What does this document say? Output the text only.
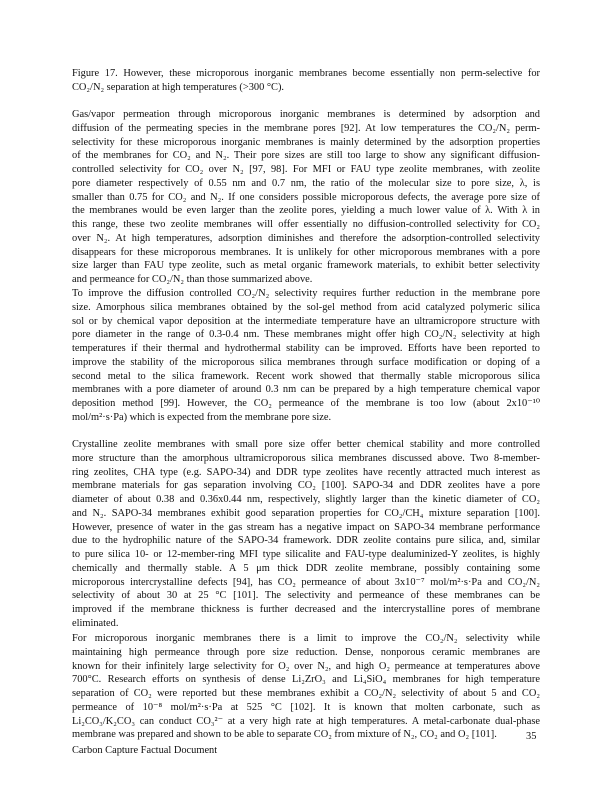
Figure 17. However, these microporous inorganic membranes become essentially non perm-selective for
CO₂/N₂ separation at high temperatures (>300 °C).
Gas/vapor permeation through microporous inorganic membranes is determined by adsorption and
diffusion of the permeating species in the membrane pores [92]. At low temperatures the CO₂/N₂ perm-
selectivity for these microporous inorganic membranes is mainly determined by the adsorption properties
of the membranes for CO₂ and N₂. Their pore sizes are still too large to show any significant diffusion-
controlled selectivity for CO₂ over N₂ [97, 98]. For MFI or FAU type zeolite membranes, with zeolite
pore diameter respectively of 0.55 nm and 0.7 nm, the ratio of the molecular size to pore size, λ, is
smaller than 0.75 for CO₂ and N₂. If one considers possible microporous defects, the average pore size of
the membranes would be even larger than the zeolite pores, yielding a much lower value of λ. With λ in
this range, these two zeolite membranes will offer essentially no diffusion-controlled selectivity for CO₂
over N₂. At high temperatures, adsorption diminishes and therefore the adsorption-controlled selectivity
disappears for these microporous membranes. It is unlikely for other microporous membranes with a pore
size larger than FAU type zeolite, such as metal organic framework materials, to exhibit better selectivity
and permeance for CO₂/N₂ than those summarized above.
To improve the diffusion controlled CO₂/N₂ selectivity requires further reduction in the membrane pore
size. Amorphous silica membranes obtained by the sol-gel method from acid catalyzed polymeric silica
sol or by chemical vapor deposition at the intermediate temperature have an ultramicropore structure with
pore diameter in the range of 0.3-0.4 nm. These membranes might offer high CO₂/N₂ selectivity at high
temperatures if their thermal and hydrothermal stability can be improved. Efforts have been reported to
improve the stability of the microporous silica membranes through surface modification or doping of a
second metal to the silica framework. Recent work showed that thermally stable microporous silica
membranes with a pore diameter of around 0.3 nm can be prepared by a high temperature chemical vapor
deposition method [99]. However, the CO₂ permeance of the membrane is too low (about 2x10⁻¹⁰
mol/m²·s·Pa) which is expected from the membrane pore size.
Crystalline zeolite membranes with small pore size offer better chemical stability and more controlled
more structure than the amorphous ultramicroporous silica membranes discussed above. Two 8-member-
ring zeolites, CHA type (e.g. SAPO-34) and DDR type zeolites have recently attracted much interest as
membrane materials for gas separation involving CO₂ [100]. SAPO-34 and DDR zeolites have a pore
diameter of about 0.38 and 0.36x0.44 nm, respectively, slightly larger than the kinetic diameter of CO₂
and N₂. SAPO-34 membranes exhibit good separation properties for CO₂/CH₄ mixture separation [100].
However, presence of water in the gas stream has a negative impact on SAPO-34 membrane performance
due to the hydrophilic nature of the SAPO-34 framework. DDR zeolite contains pure silica, and, similar
to pure silica 10- or 12-member-ring MFI type silicalite and FAU-type dealuminized-Y zeolites, is highly
chemically and thermally stable. A 5 μm thick DDR zeolite membrane, possibly containing some
microporous intercrystalline defects [94], has CO₂ permeance of about 3x10⁻⁷ mol/m²·s·Pa and CO₂/N₂
selectivity of about 30 at 25 °C [101]. The selectivity and permeance of these membranes can be
improved if the membrane thickness is further decreased and the intercrystalline pores of membrane
eliminated.
For microporous inorganic membranes there is a limit to improve the CO₂/N₂ selectivity while
maintaining high permeance through pore size reduction. Dense, nonporous ceramic membranes are
known for their infinitely large selectivity for O₂ over N₂, and high O₂ permeance at temperatures above
700°C. Research efforts on synthesis of dense Li₂ZrO₃ and Li₄SiO₄ membranes for high temperature
separation of CO₂ were reported but these membranes exhibit a CO₂/N₂ selectivity of about 5 and CO₂
permeance of 10⁻⁸ mol/m²·s·Pa at 525 °C [102]. It is known that molten carbonate, such as
Li₂CO₃/K₂CO₃ can conduct CO₃²⁻ at a very high rate at high temperatures. A metal-carbonate dual-phase
membrane was prepared and shown to be able to separate CO₂ from mixture of N₂, CO₂ and O₂ [101].	35
Carbon Capture Factual Document
